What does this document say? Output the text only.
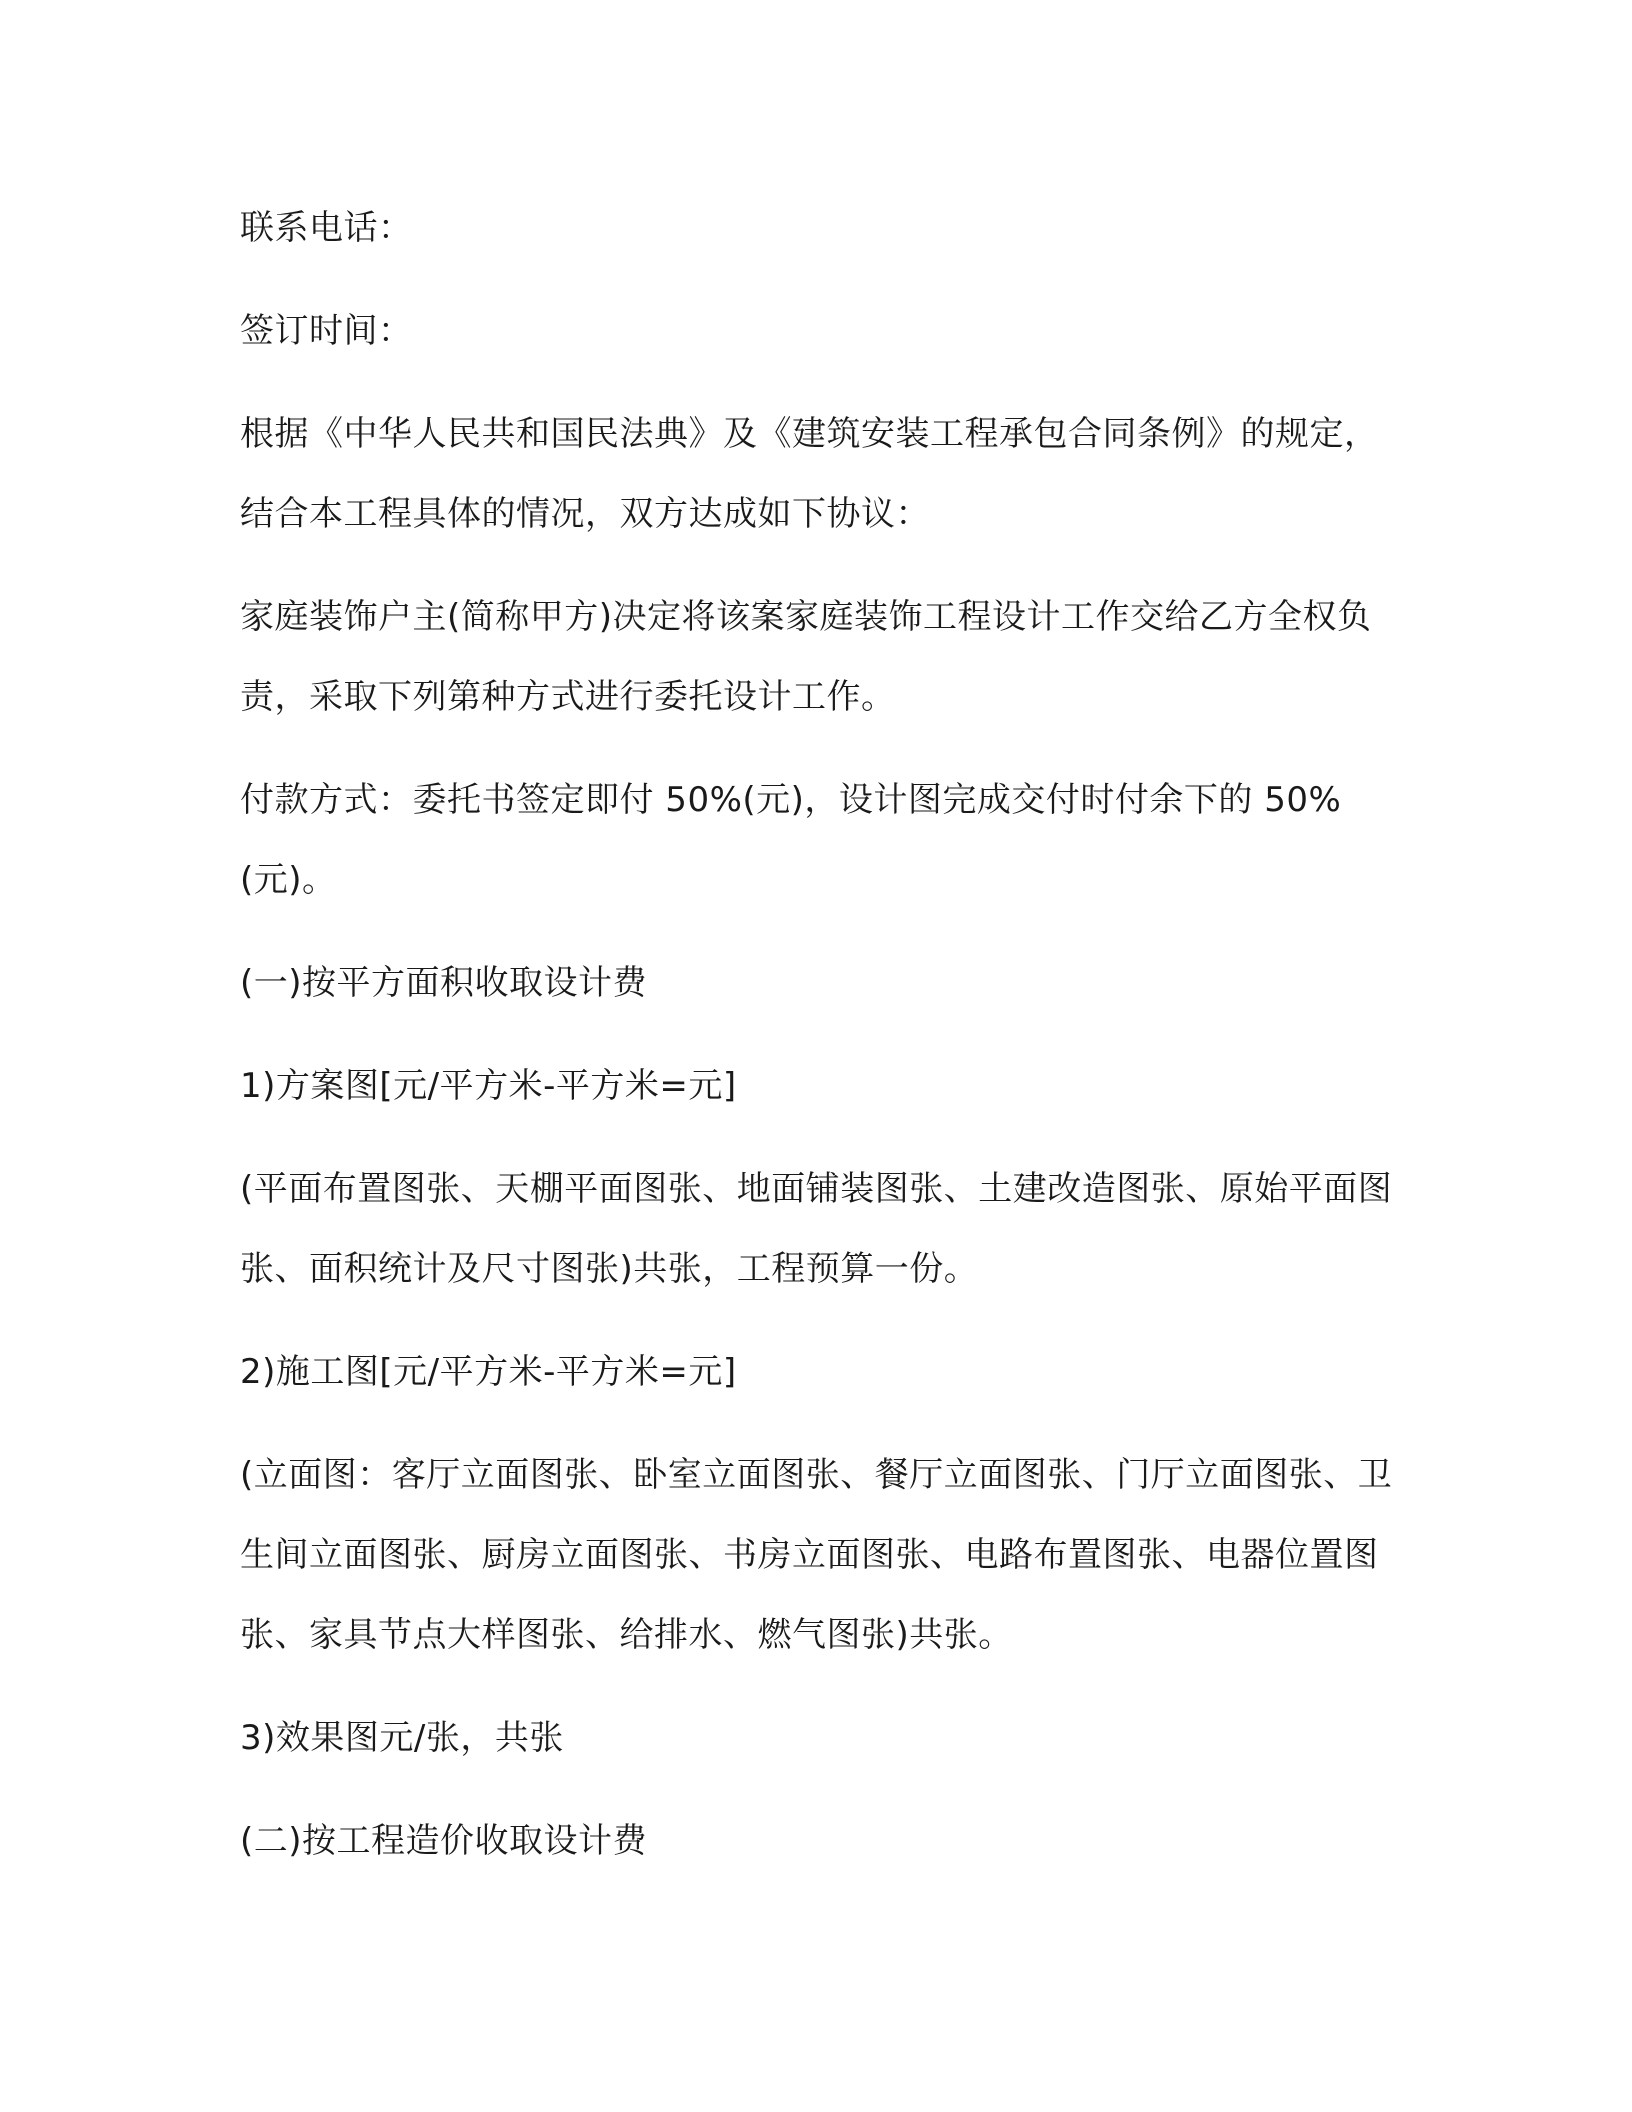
联系电话：

签订时间：

根据《中华人民共和国民法典》及《建筑安装工程承包合同条例》的规定，结合本工程具体的情况，双方达成如下协议：

家庭装饰户主(简称甲方)决定将该案家庭装饰工程设计工作交给乙方全权负责，采取下列第种方式进行委托设计工作。

付款方式：委托书签定即付 50%(元)，设计图完成交付时付余下的 50%(元)。

(一)按平方面积收取设计费

1)方案图[元/平方米-平方米=元]

(平面布置图张、天棚平面图张、地面铺装图张、土建改造图张、原始平面图张、面积统计及尺寸图张)共张，工程预算一份。

2)施工图[元/平方米-平方米=元]

(立面图：客厅立面图张、卧室立面图张、餐厅立面图张、门厅立面图张、卫生间立面图张、厨房立面图张、书房立面图张、电路布置图张、电器位置图张、家具节点大样图张、给排水、燃气图张)共张。

3)效果图元/张，共张

(二)按工程造价收取设计费
